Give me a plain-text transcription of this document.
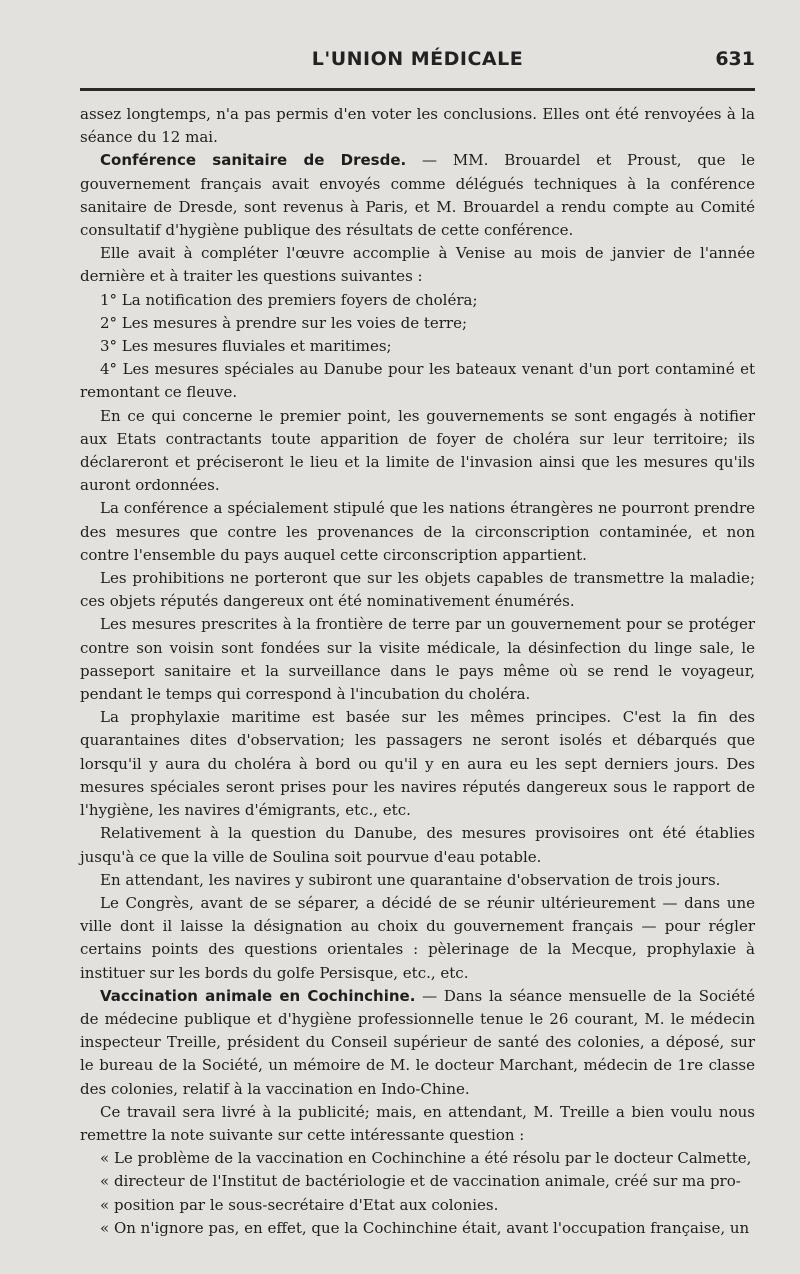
L'UNION MÉDICALE	631

assez longtemps, n'a pas permis d'en voter les conclusions. Elles ont été renvoyées à la séance du 12 mai.

Conférence sanitaire de Dresde. — MM. Brouardel et Proust, que le gouvernement français avait envoyés comme délégués techniques à la conférence sanitaire de Dresde, sont revenus à Paris, et M. Brouardel a rendu compte au Comité consultatif d'hygiène publique des résultats de cette conférence.

Elle avait à compléter l'œuvre accomplie à Venise au mois de janvier de l'année dernière et à traiter les questions suivantes :

1° La notification des premiers foyers de choléra;

2° Les mesures à prendre sur les voies de terre;

3° Les mesures fluviales et maritimes;

4° Les mesures spéciales au Danube pour les bateaux venant d'un port contaminé et remontant ce fleuve.

En ce qui concerne le premier point, les gouvernements se sont engagés à notifier aux Etats contractants toute apparition de foyer de choléra sur leur territoire; ils déclareront et préciseront le lieu et la limite de l'invasion ainsi que les mesures qu'ils auront ordonnées.

La conférence a spécialement stipulé que les nations étrangères ne pourront prendre des mesures que contre les provenances de la circonscription contaminée, et non contre l'ensemble du pays auquel cette circonscription appartient.

Les prohibitions ne porteront que sur les objets capables de transmettre la maladie; ces objets réputés dangereux ont été nominativement énumérés.

Les mesures prescrites à la frontière de terre par un gouvernement pour se protéger contre son voisin sont fondées sur la visite médicale, la désinfection du linge sale, le passeport sanitaire et la surveillance dans le pays même où se rend le voyageur, pendant le temps qui correspond à l'incubation du choléra.

La prophylaxie maritime est basée sur les mêmes principes. C'est la fin des quarantaines dites d'observation; les passagers ne seront isolés et débarqués que lorsqu'il y aura du choléra à bord ou qu'il y en aura eu les sept derniers jours. Des mesures spéciales seront prises pour les navires réputés dangereux sous le rapport de l'hygiène, les navires d'émigrants, etc., etc.

Relativement à la question du Danube, des mesures provisoires ont été établies jusqu'à ce que la ville de Soulina soit pourvue d'eau potable.

En attendant, les navires y subiront une quarantaine d'observation de trois jours.

Le Congrès, avant de se séparer, a décidé de se réunir ultérieurement — dans une ville dont il laisse la désignation au choix du gouvernement français — pour régler certains points des questions orientales : pèlerinage de la Mecque, prophylaxie à instituer sur les bords du golfe Persisque, etc., etc.

Vaccination animale en Cochinchine. — Dans la séance mensuelle de la Société de médecine publique et d'hygiène professionnelle tenue le 26 courant, M. le médecin inspecteur Treille, président du Conseil supérieur de santé des colonies, a déposé, sur le bureau de la Société, un mémoire de M. le docteur Marchant, médecin de 1re classe des colonies, relatif à la vaccination en Indo-Chine.

Ce travail sera livré à la publicité; mais, en attendant, M. Treille a bien voulu nous remettre la note suivante sur cette intéressante question :

« Le problème de la vaccination en Cochinchine a été résolu par le docteur Calmette,

« directeur de l'Institut de bactériologie et de vaccination animale, créé sur ma pro-

« position par le sous-secrétaire d'Etat aux colonies.

« On n'ignore pas, en effet, que la Cochinchine était, avant l'occupation française, un
